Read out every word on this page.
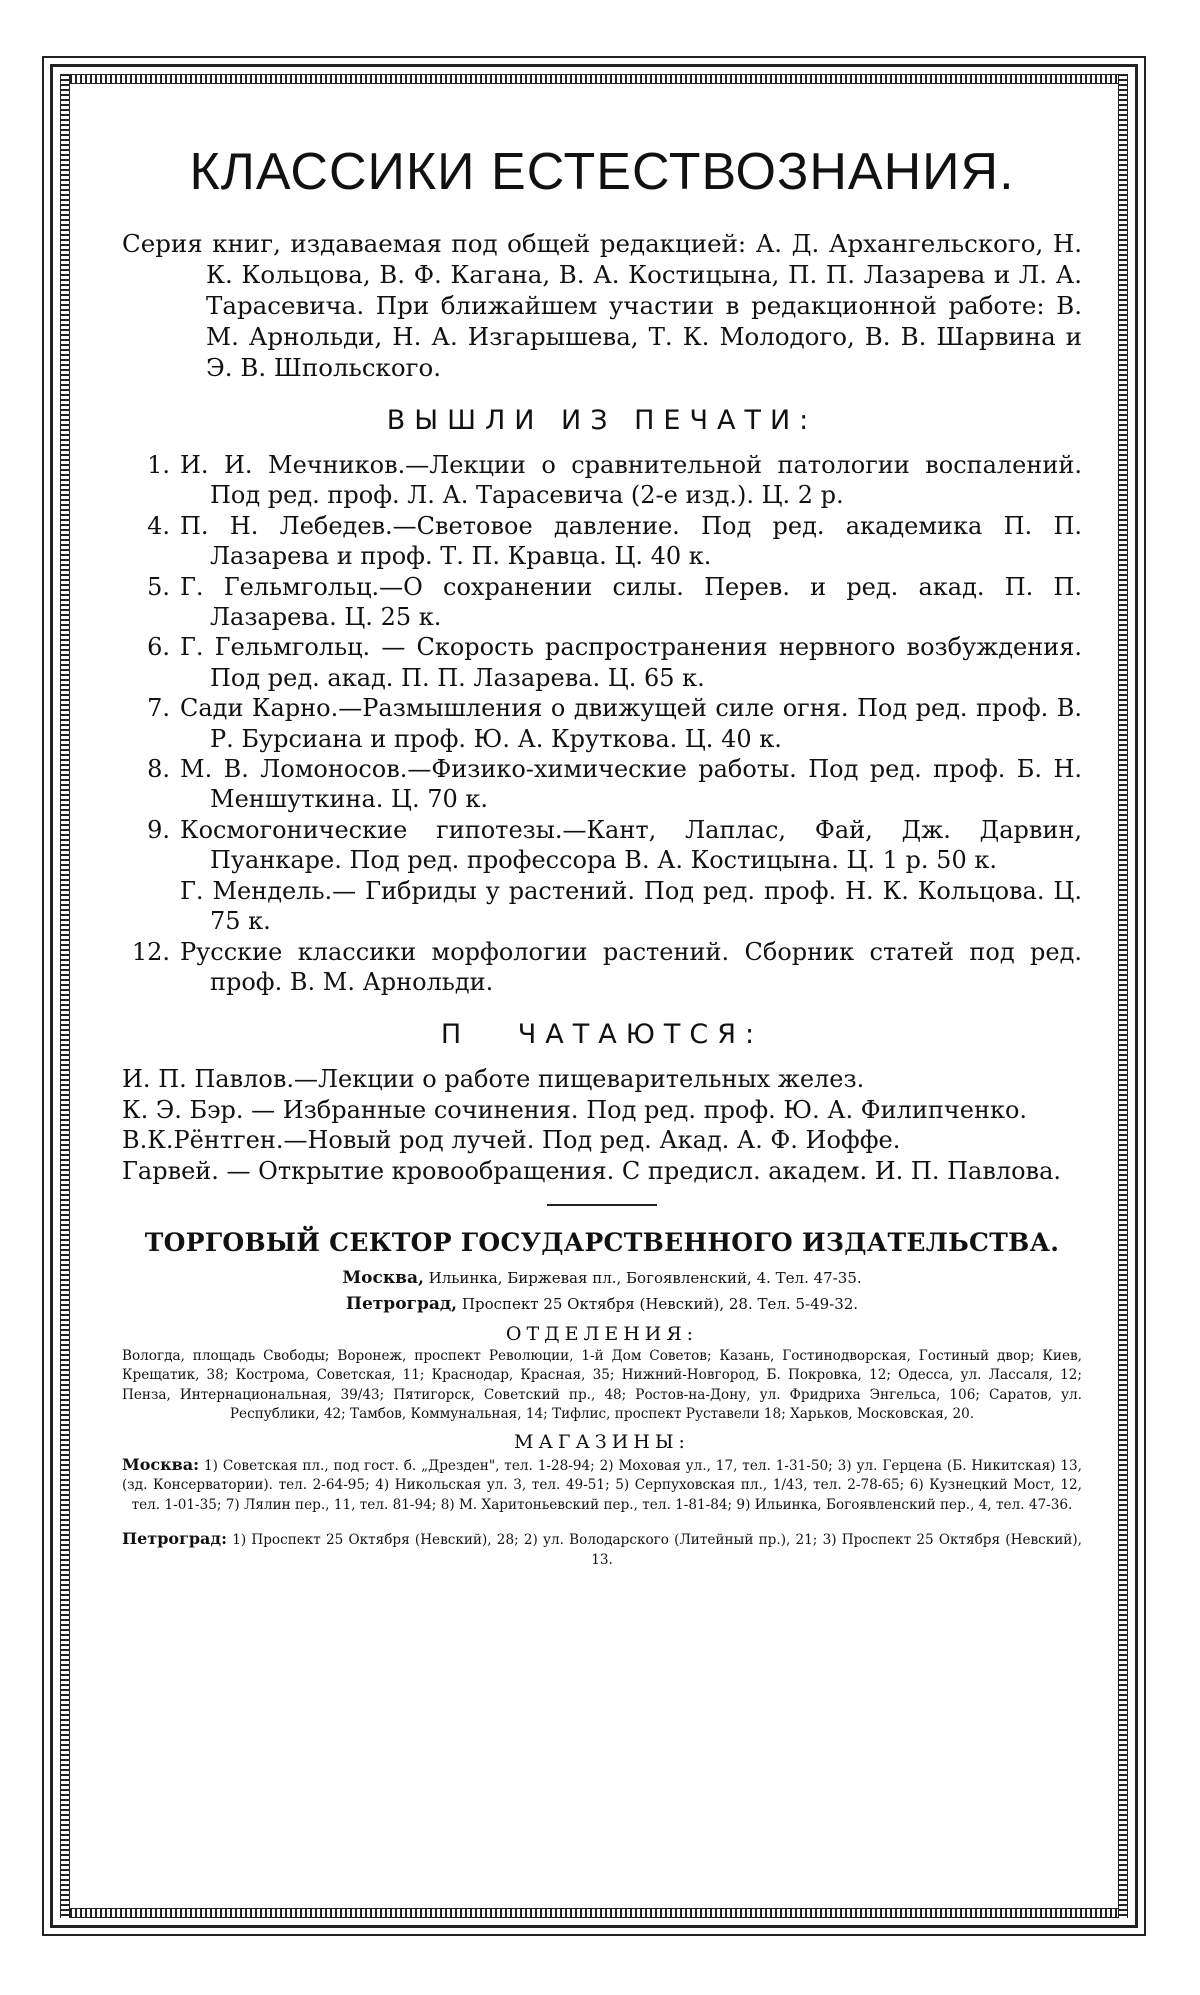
КЛАССИКИ ЕСТЕСТВОЗНАНИЯ.

Серия книг, издаваемая под общей редакцией: А. Д. Архангельского, Н. К. Кольцова, В. Ф. Кагана, В. А. Костицына, П. П. Лазарева и Л. А. Тарасевича. При ближайшем участии в редакционной работе: В. М. Арнольди, Н. А. Изгарышева, Т. К. Молодого, В. В. Шарвина и Э. В. Шпольского.

ВЫШЛИ ИЗ ПЕЧАТИ:
1. И. И. Мечников.—Лекции о сравнительной патологии воспалений. Под ред. проф. Л. А. Тарасевича (2-е изд.). Ц. 2 р.
4. П. Н. Лебедев.—Световое давление. Под ред. академика П. П. Лазарева и проф. Т. П. Кравца. Ц. 40 к.
5. Г. Гельмгольц.—О сохранении силы. Перев. и ред. акад. П. П. Лазарева. Ц. 25 к.
6. Г. Гельмгольц. — Скорость распространения нервного возбуждения. Под ред. акад. П. П. Лазарева. Ц. 65 к.
7. Сади Карно.—Размышления о движущей силе огня. Под ред. проф. В. Р. Бурсиана и проф. Ю. А. Круткова. Ц. 40 к.
8. М. В. Ломоносов.—Физико-химические работы. Под ред. проф. Б. Н. Меншуткина. Ц. 70 к.
9. Космогонические гипотезы.—Кант, Лаплас, Фай, Дж. Дарвин, Пуанкаре. Под ред. профессора В. А. Костицына. Ц. 1 р. 50 к.
Г. Мендель.— Гибриды у растений. Под ред. проф. Н. К. Кольцова. Ц. 75 к.
12. Русские классики морфологии растений. Сборник статей под ред. проф. В. М. Арнольди.
П ЧАТАЮТСЯ:
И. П. Павлов.—Лекции о работе пищеварительных желез.
К. Э. Бэр. — Избранные сочинения. Под ред. проф. Ю. А. Филипченко.
В.К.Рëнтген.—Новый род лучей. Под ред. Акад. А. Ф. Иоффе.
Гарвей. — Открытие кровообращения. С предисл. академ. И. П. Павлова.
ТОРГОВЫЙ СЕКТОР ГОСУДАРСТВЕННОГО ИЗДАТЕЛЬСТВА.

Москва, Ильинка, Биржевая пл., Богоявленский, 4. Тел. 47-35.

Петроград, Проспект 25 Октября (Невский), 28. Тел. 5-49-32.

ОТДЕЛЕНИЯ:

Вологда, площадь Свободы; Воронеж, проспект Революции, 1-й Дом Советов; Казань, Гостинодворская, Гостиный двор; Киев, Крещатик, 38; Кострома, Советская, 11; Краснодар, Красная, 35; Нижний-Новгород, Б. Покровка, 12; Одесса, ул. Лассаля, 12; Пенза, Интернациональная, 39/43; Пятигорск, Советский пр., 48; Ростов-на-Дону, ул. Фридриха Энгельса, 106; Саратов, ул. Республики, 42; Тамбов, Коммунальная, 14; Тифлис, проспект Руставели 18; Харьков, Московская, 20.

МАГАЗИНЫ:

Москва: 1) Советская пл., под гост. б. „Дрезден", тел. 1-28-94; 2) Моховая ул., 17, тел. 1-31-50; 3) ул. Герцена (Б. Никитская) 13, (зд. Консерватории). тел. 2-64-95; 4) Никольская ул. 3, тел. 49-51; 5) Серпуховская пл., 1/43, тел. 2-78-65; 6) Кузнецкий Мост, 12, тел. 1-01-35; 7) Лялин пер., 11, тел. 81-94; 8) М. Харитоньевский пер., тел. 1-81-84; 9) Ильинка, Богоявленский пер., 4, тел. 47-36.

Петроград: 1) Проспект 25 Октября (Невский), 28; 2) ул. Володарского (Литейный пр.), 21; 3) Проспект 25 Октября (Невский), 13.
